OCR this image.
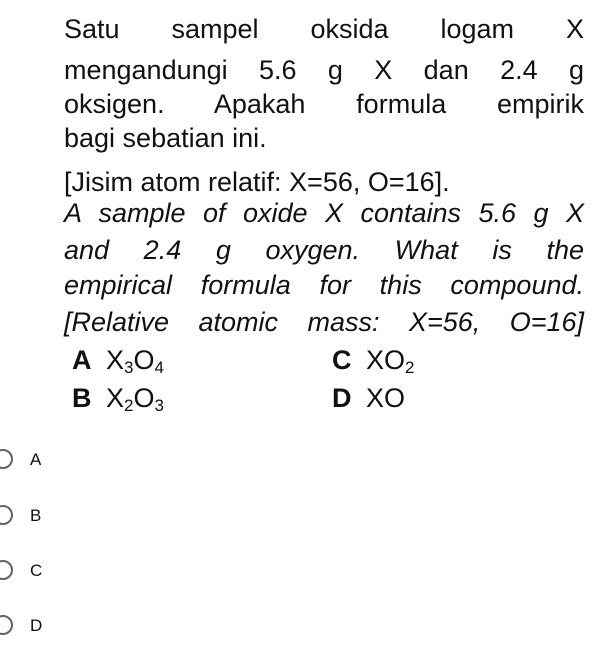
Satu sampel oksida logam X
mengandungi 5.6 g X dan 2.4 g
oksigen. Apakah formula empirik
bagi sebatian ini.
[Jisim atom relatif: X=56, O=16].
A sample of oxide X contains 5.6 g X
and 2.4 g oxygen. What is the
empirical formula for this compound.
[Relative atomic mass: X=56, O=16]
A $X_3O_4$
B $X_2O_3$
C $XO_2$
D XO
A
B
C
D
